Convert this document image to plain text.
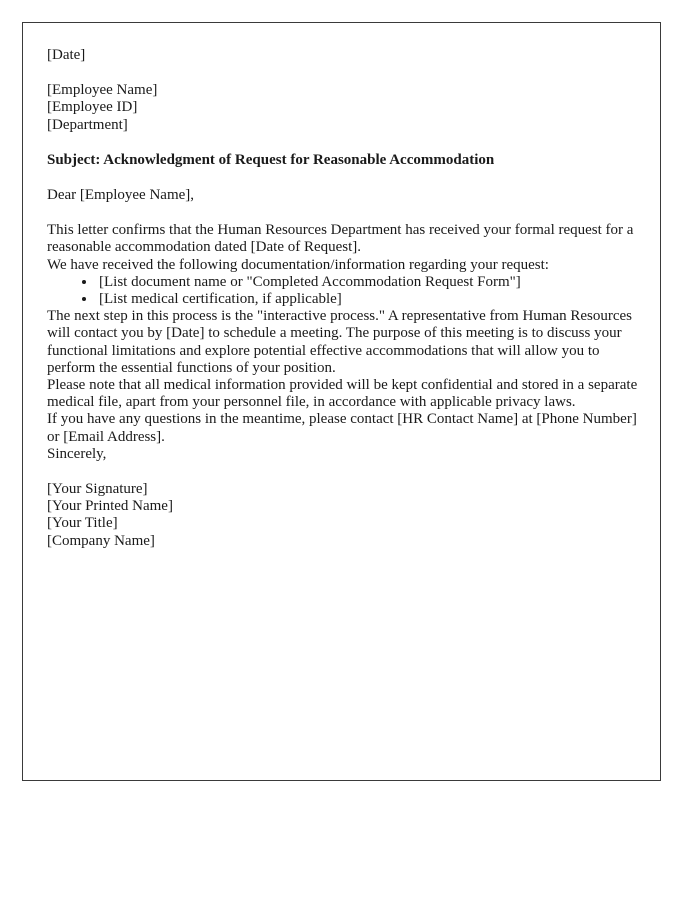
[Date]
[Employee Name]
[Employee ID]
[Department]
Subject: Acknowledgment of Request for Reasonable Accommodation
Dear [Employee Name],

This letter confirms that the Human Resources Department has received your formal request for a reasonable accommodation dated [Date of Request].

We have received the following documentation/information regarding your request:

• [List document name or "Completed Accommodation Request Form"]
• [List medical certification, if applicable]

The next step in this process is the "interactive process." A representative from Human Resources will contact you by [Date] to schedule a meeting. The purpose of this meeting is to discuss your functional limitations and explore potential effective accommodations that will allow you to perform the essential functions of your position.

Please note that all medical information provided will be kept confidential and stored in a separate medical file, apart from your personnel file, in accordance with applicable privacy laws.

If you have any questions in the meantime, please contact [HR Contact Name] at [Phone Number] or [Email Address].

Sincerely,
[Your Signature]
[Your Printed Name]
[Your Title]
[Company Name]
